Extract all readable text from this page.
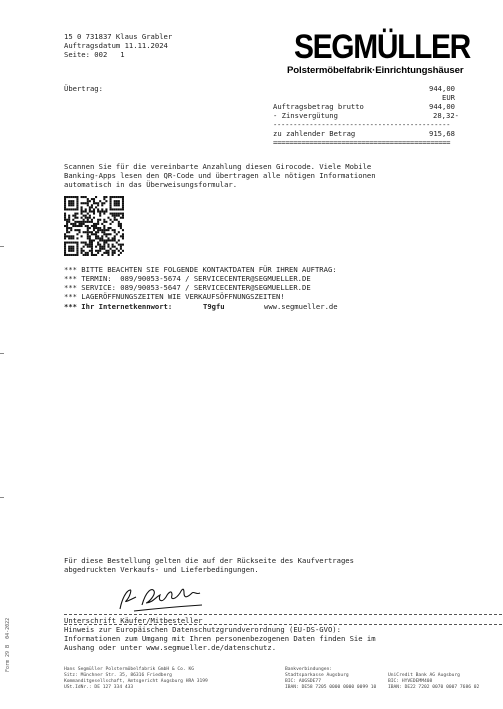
15 0 731837 Klaus Grabler
Auftragsdatum 11.11.2024
Seite: 002   1	SEGMÜLLER
Polstermöbelfabrik·Einrichtungshäuser
Übertrag:	944,00
EUR
Auftragsbetrag brutto	944,00
- Zinsvergütung	28,32-
--------------------------------------------
zu zahlender Betrag	915,68
============================================
Scannen Sie für die vereinbarte Anzahlung diesen Girocode. Viele Mobile
Banking-Apps lesen den QR-Code und übertragen alle nötigen Informationen
automatisch in das Überweisungsformular.
*** BITTE BEACHTEN SIE FOLGENDE KONTAKTDATEN FÜR IHREN AUFTRAG:
*** TERMIN:  089/90053-5674 / SERVICECENTER@SEGMUELLER.DE
*** SERVICE: 089/90053-5647 / SERVICECENTER@SEGMUELLER.DE
*** LAGERÖFFNUNGSZEITEN WIE VERKAUFSÖFFNUNGSZEITEN!
*** Ihr Internetkennwort:	T9gfu	www.segmueller.de
Für diese Bestellung gelten die auf der Rückseite des Kaufvertrages
abgedruckten Verkaufs- und Lieferbedingungen.
Unterschrift Käufer/Mitbesteller
Hinweis zur Europäischen Datenschutzgrundverordnung (EU-DS-GVO):
Informationen zum Umgang mit Ihren personenbezogenen Daten finden Sie im
Aushang oder unter www.segmueller.de/datenschutz.
Hans Segmüller Polstermöbelfabrik GmbH & Co. KG
Sitz: Münchner Str. 35, 86316 Friedberg
Kommanditgesellschaft, Amtsgericht Augsburg HRA 3199
USt.IdNr.: DE 127 334 433
Bankverbindungen:
Stadtsparkasse Augsburg
BIC: AUGSDE77
IBAN: DE58 7205 0000 0000 0099 10

UniCredit Bank AG Augsburg
BIC: HYVEDEMM408
IBAN: DE22 7202 0070 0007 7686 02
Form 29 B  04-2022
